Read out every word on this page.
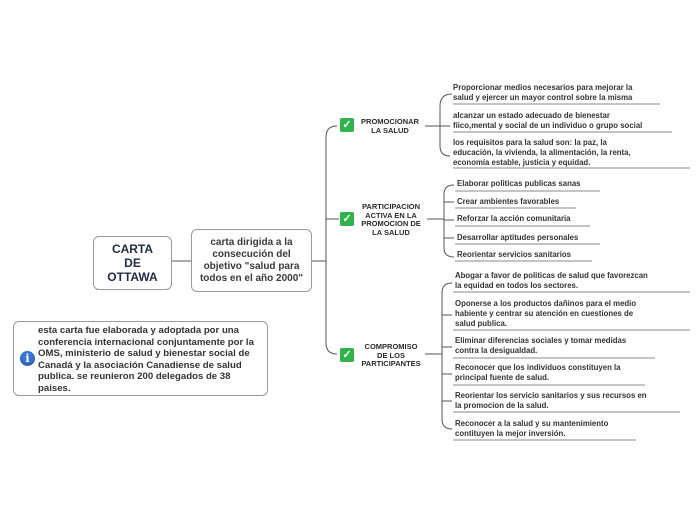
CARTA
DE
OTTAWA
carta dirigida a la consecución del objetivo "salud para todos en el año 2000"
i
esta carta fue elaborada y adoptada por una conferencia internacional conjuntamente por la OMS, ministerio de salud y bienestar social de Canadá y la asociación Canadiense de salud publica. se reunieron 200 delegados de 38 paises.
✓	PROMOCIONAR
LA SALUD
✓
PARTICIPACION
ACTIVA EN LA
PROMOCION DE
LA SALUD
✓
COMPROMISO
DE LOS
PARTICIPANTES
Proporcionar medios necesarios para mejorar la
salud y ejercer un mayor control sobre la misma
alcanzar un estado adecuado de bienestar
fiico,mental y social de un individuo o grupo social
los requisitos para la salud son: la paz, la
educación, la vivienda, la alimentación, la renta,
economía estable, justicia y equidad.
Elaborar politicas publicas sanas
Crear ambientes favorables
Reforzar la acción comunitaria
Desarrollar aptitudes personales
Reorientar servicios sanitarios
Abogar a favor de politicas de salud que favorezcan
la equidad en todos los sectores.
Oponerse a los productos dañinos para el medio
habiente y centrar su atención en cuestiones de
salud publica.
Eliminar diferencias sociales y tomar medidas
contra la desigualdad.
Reconocer que los individuos constituyen la
principal fuente de salud.
Reorientar los servicio sanitarios y sus recursos en
la promocion de la salud.
Reconocer a la salud y su mantenimiento
contituyen la mejor inversión.
